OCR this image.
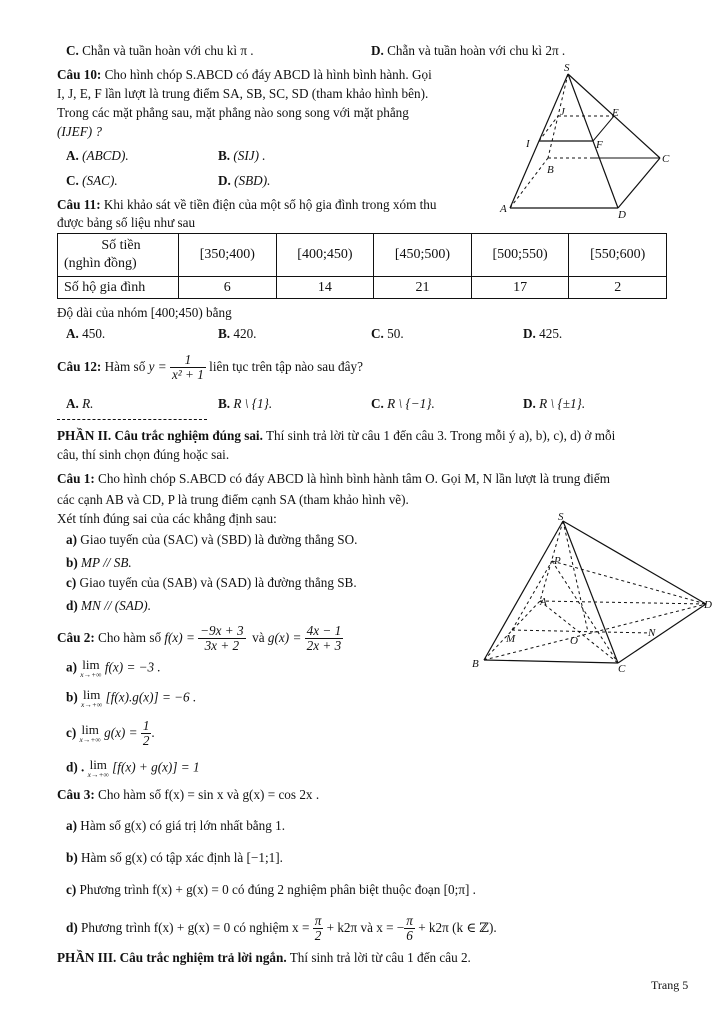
C. Chẵn và tuần hoàn với chu kì π .	D. Chẵn và tuần hoàn với chu kì 2π .
Câu 10: Cho hình chóp S.ABCD có đáy ABCD là hình bình hành. Gọi
I, J, E, F lần lượt là trung điểm SA, SB, SC, SD (tham khảo hình bên).
Trong các mặt phẳng sau, mặt phẳng nào song song với mặt phẳng
(IJEF) ?
A. (ABCD).	B. (SIJ) .
C. (SAC).	D. (SBD).
S
J	E
I	F
B
C
A	D
Câu 11: Khi khảo sát về tiền điện của một số hộ gia đình trong xóm thu
được bảng số liệu như sau
Số tiền
(nghìn đồng)	[350;400)	[400;450)	[450;500)	[500;550)	[550;600)
Số hộ gia đình	6	14	21	17	2
Độ dài của nhóm [400;450) bằng
A. 450.	B. 420.	C. 50.	D. 425.
Câu 12: Hàm số $y = \frac{1}{\text{x² + 1}}$ liên tục trên tập nào sau đây?
A. R.	B. R \ {1}.	C. R \ {−1}.	D. R \ {±1}.
PHẦN II. Câu trắc nghiệm đúng sai. Thí sinh trả lời từ câu 1 đến câu 3. Trong mỗi ý a), b), c), d) ở mỗi
câu, thí sinh chọn đúng hoặc sai.
Câu 1: Cho hình chóp S.ABCD có đáy ABCD là hình bình hành tâm O. Gọi M, N lần lượt là trung điểm
các cạnh AB và CD, P là trung điểm cạnh SA (tham khảo hình vẽ).
Xét tính đúng sai của các khẳng định sau:
a) Giao tuyến của (SAC) và (SBD) là đường thẳng SO.
b) MP // SB.
c) Giao tuyến của (SAB) và (SAD) là đường thẳng SB.
d) MN // (SAD).
S
P
A	D
M	O
N
B	C
Câu 2: Cho hàm số $f(x) = \frac{-9x + 3}{3x + 2}$ và $g(x) = \frac{4x - 1}{2x + 3}$
a) lim
x→+∞ f(x) = −3 .
b) lim
x→+∞ [f(x).g(x)] = −6 .
c) lim
x→+∞ $g(x) = \frac{1}{2}$ .
d) . lim
x→+∞ [f(x) + g(x)] = 1
Câu 3: Cho hàm số f(x) = sin x và g(x) = cos 2x .
a) Hàm số g(x) có giá trị lớn nhất bằng 1.
b) Hàm số g(x) có tập xác định là [−1;1].
c) Phương trình f(x) + g(x) = 0 có đúng 2 nghiệm phân biệt thuộc đoạn [0;π] .
d) Phương trình f(x) + g(x) = 0 có nghiệm $x = \frac{\pi}{2} + k2\pi$ và x = − $\frac{\pi}{6} + k2\pi$ (k ∈ ℤ).
PHẦN III. Câu trắc nghiệm trả lời ngắn. Thí sinh trả lời từ câu 1 đến câu 2.
Trang 5
